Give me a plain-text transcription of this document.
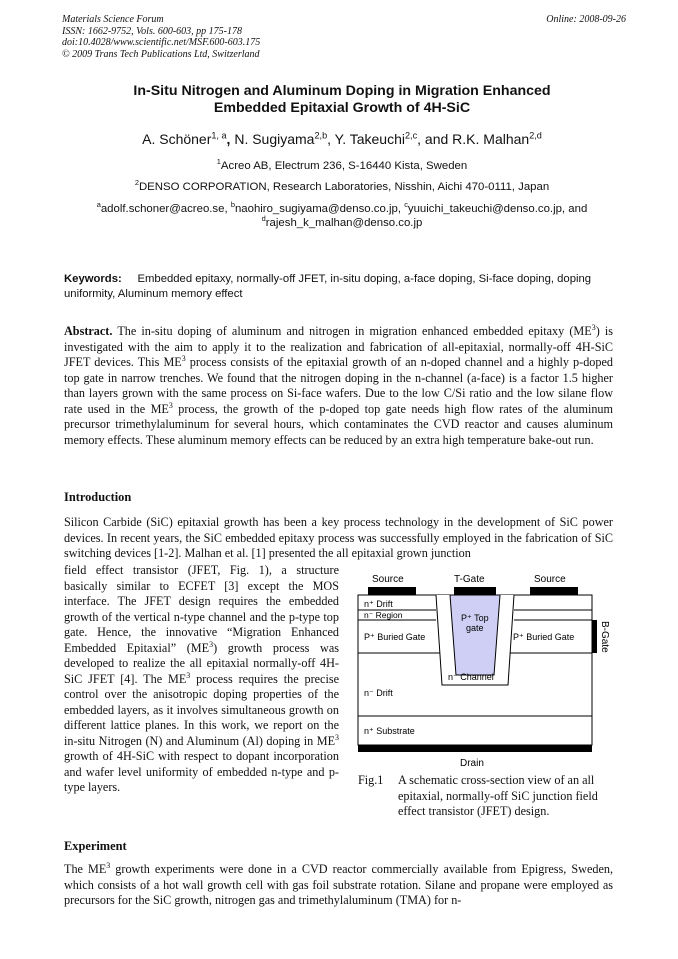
Materials Science Forum
ISSN: 1662-9752, Vols. 600-603, pp 175-178
doi:10.4028/www.scientific.net/MSF.600-603.175
© 2009 Trans Tech Publications Ltd, Switzerland
Online: 2008-09-26
In-Situ Nitrogen and Aluminum Doping in Migration Enhanced
Embedded Epitaxial Growth of 4H-SiC
A. Schöner$^{1, a}$, N. Sugiyama$^{2,b}$, Y. Takeuchi$^{2,c}$, and R.K. Malhan$^{2,d}$
$^1$Acreo AB, Electrum 236, S-16440 Kista, Sweden
$^2$DENSO CORPORATION, Research Laboratories, Nisshin, Aichi 470-0111, Japan
$^a$adolf.schoner@acreo.se, $^b$naohiro_sugiyama@denso.co.jp, $^c$yuuichi_takeuchi@denso.co.jp, and
$^d$rajesh_k_malhan@denso.co.jp
Keywords: Embedded epitaxy, normally-off JFET, in-situ doping, a-face doping, Si-face doping, doping uniformity, Aluminum memory effect
Abstract. The in-situ doping of aluminum and nitrogen in migration enhanced embedded epitaxy $(ME^3)$ is investigated with the aim to apply it to the realization and fabrication of all-epitaxial, normally-off 4H-SiC JFET devices. This $ME^3$ process consists of the epitaxial growth of an n-doped channel and a highly p-doped top gate in narrow trenches. We found that the nitrogen doping in the n-channel (a-face) is a factor 1.5 higher than layers grown with the same process on Si-face wafers. Due to the low C/Si ratio and the low silane flow rate used in the $ME^3$ process, the growth of the p-doped top gate needs high flow rates of the aluminum precursor trimethylaluminum for several hours, which contaminates the CVD reactor and causes aluminum memory effects. These aluminum memory effects can be reduced by an extra high temperature bake-out run.
Introduction
Silicon Carbide (SiC) epitaxial growth has been a key process technology in the development of SiC power devices. In recent years, the SiC embedded epitaxy process was successfully employed in the fabrication of SiC switching devices [1-2]. Malhan et al. [1] presented the all epitaxial grown junction
field effect transistor (JFET, Fig. 1), a structure basically similar to ECFET [3] except the MOS interface. The JFET design requires the embedded growth of the vertical n-type channel and the p-type top gate. Hence, the innovative “Migration Enhanced Embedded Epitaxial” $(ME^3)$ growth process was developed to realize the all epitaxial normally-off 4H-SiC JFET [4]. The $ME^3$ process requires the precise control over the anisotropic doping properties of the embedded layers, as it involves simultaneous growth on different lattice planes. In this work, we report on the in-situ Nitrogen (N) and Aluminum (Al) doping in $ME^3$ growth of 4H-SiC with respect to dopant incorporation and wafer level uniformity of embedded n-type and p-type layers.
Source	T-Gate	Source
n⁺ Drift
n⁻ Region
P⁺ Buried Gate
P⁺ Top
gate
P⁺ Buried Gate
n⁻ Channel
n⁻ Drift
n⁺ Substrate
Drain
B-Gate
Fig.1 A schematic cross-section view of an all epitaxial, normally-off SiC junction field effect transistor (JFET) design.
Experiment
The $ME^3$ growth experiments were done in a CVD reactor commercially available from Epigress, Sweden, which consists of a hot wall growth cell with gas foil substrate rotation. Silane and propane were employed as precursors for the SiC growth, nitrogen gas and trimethylaluminum (TMA) for n-
